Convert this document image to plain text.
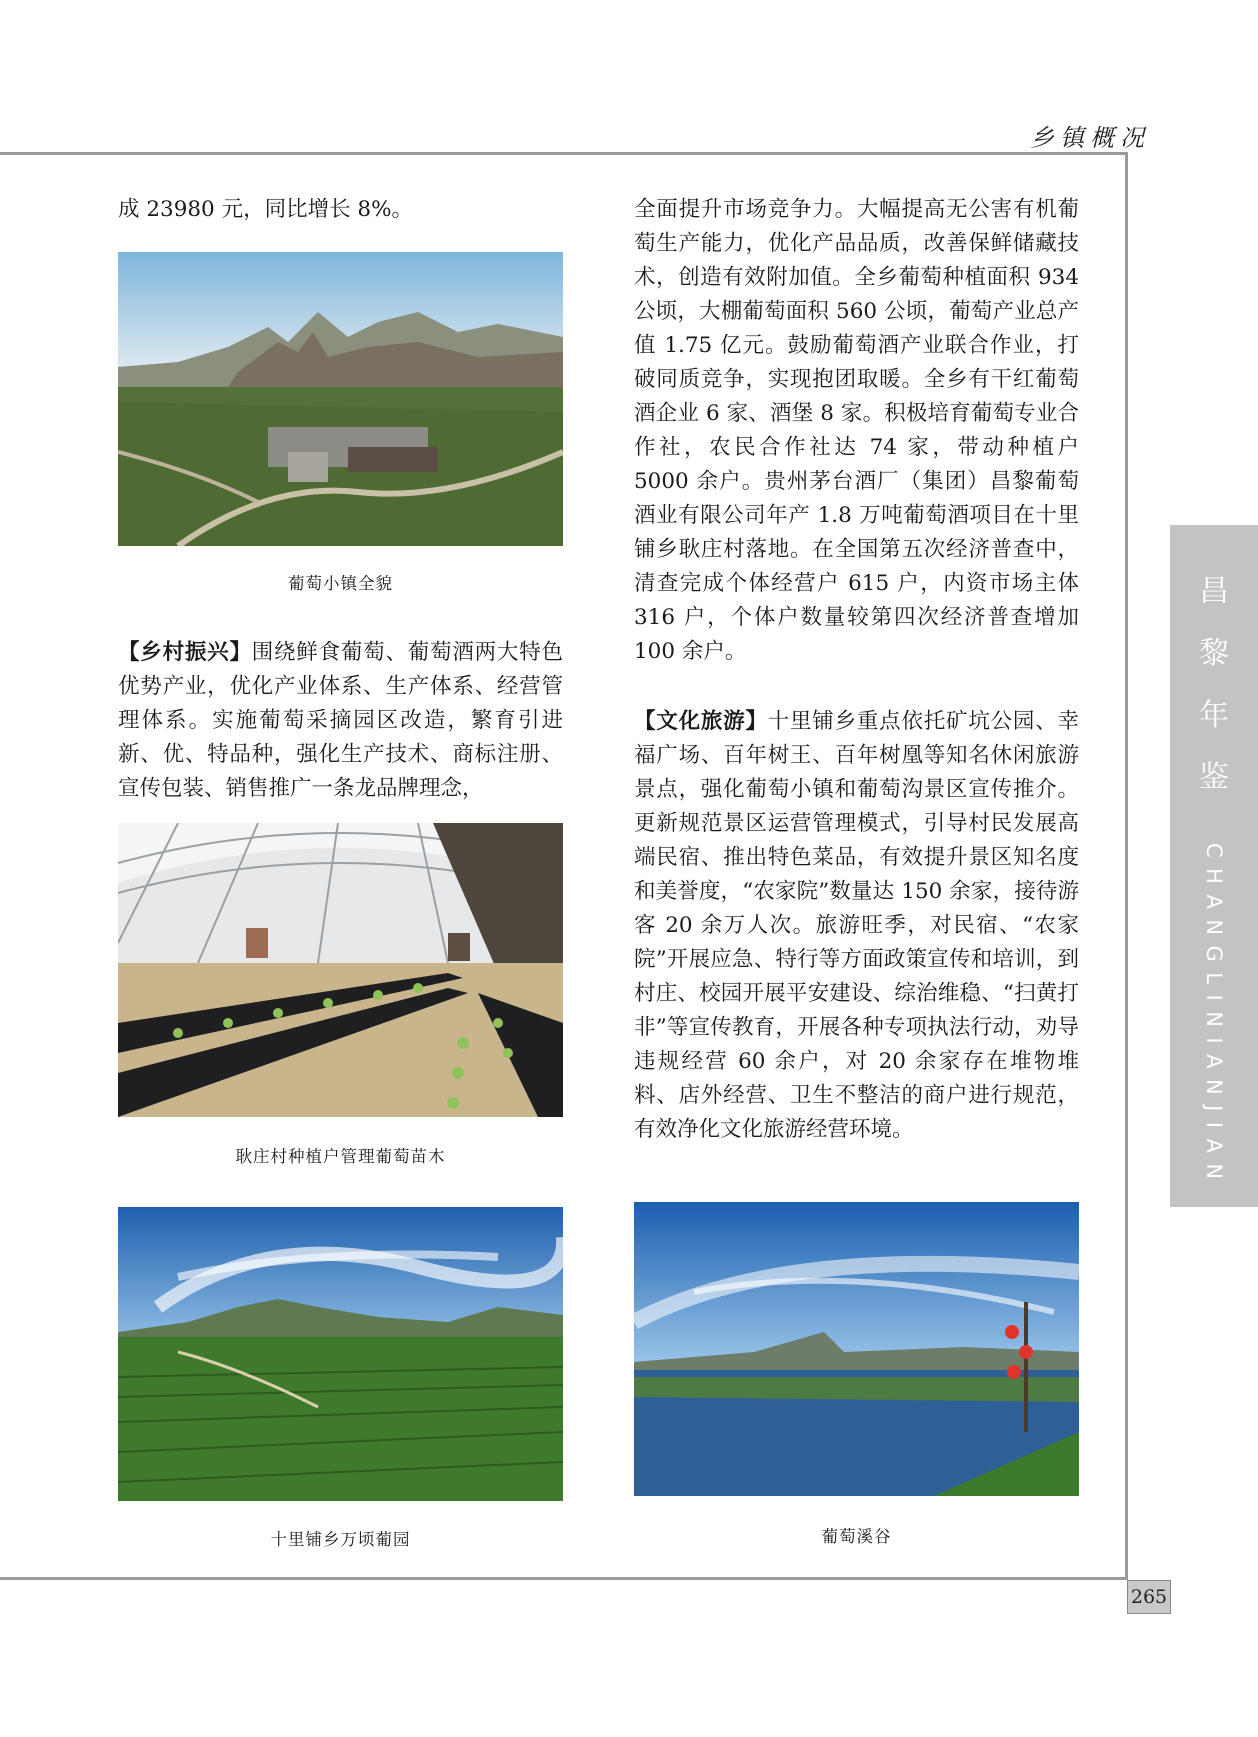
乡镇概况
265
昌
黎
年
鉴
CHANGLINIANJIAN
成 23980 元，同比增长 8%。
葡萄小镇全貌
【乡村振兴】围绕鲜食葡萄、葡萄酒两大特色优势产业，优化产业体系、生产体系、经营管理体系。实施葡萄采摘园区改造，繁育引进新、优、特品种，强化生产技术、商标注册、宣传包装、销售推广一条龙品牌理念，
耿庄村种植户管理葡萄苗木
十里铺乡万顷葡园
全面提升市场竞争力。大幅提高无公害有机葡萄生产能力，优化产品品质，改善保鲜储藏技术，创造有效附加值。全乡葡萄种植面积 934 公顷，大棚葡萄面积 560 公顷，葡萄产业总产值 1.75 亿元。鼓励葡萄酒产业联合作业，打破同质竞争，实现抱团取暖。全乡有干红葡萄酒企业 6 家、酒堡 8 家。积极培育葡萄专业合作社，农民合作社达 74 家，带动种植户 5000 余户。贵州茅台酒厂（集团）昌黎葡萄酒业有限公司年产 1.8 万吨葡萄酒项目在十里铺乡耿庄村落地。在全国第五次经济普查中，清查完成个体经营户 615 户，内资市场主体 316 户，个体户数量较第四次经济普查增加 100 余户。
【文化旅游】十里铺乡重点依托矿坑公园、幸福广场、百年树王、百年树凰等知名休闲旅游景点，强化葡萄小镇和葡萄沟景区宣传推介。更新规范景区运营管理模式，引导村民发展高端民宿、推出特色菜品，有效提升景区知名度和美誉度，“农家院”数量达 150 余家，接待游客 20 余万人次。旅游旺季，对民宿、“农家院”开展应急、特行等方面政策宣传和培训，到村庄、校园开展平安建设、综治维稳、“扫黄打非”等宣传教育，开展各种专项执法行动，劝导违规经营 60 余户，对 20 余家存在堆物堆料、店外经营、卫生不整洁的商户进行规范，有效净化文化旅游经营环境。
葡萄溪谷
